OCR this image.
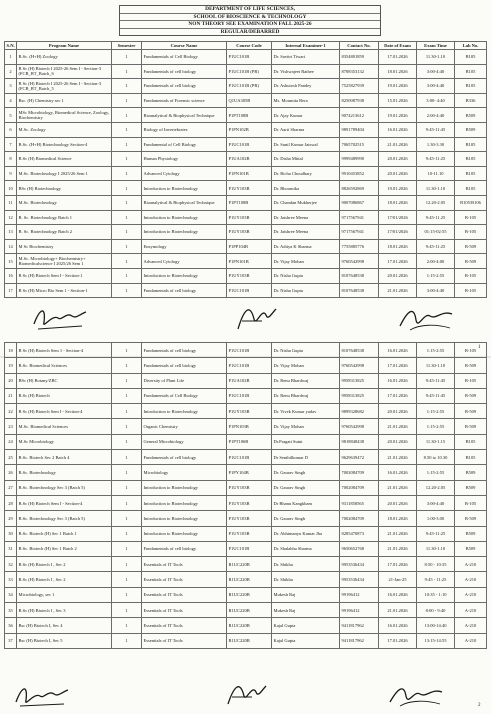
DEPARTMENT OF LIFE SCIENCES,
SCHOOL OF BIOSCIENCE & TECHNOLOGY
NON THEORY SEE EXAMINATION FALL 2025-26
REGULAR/DEBARRED
S.N.	Program Name	Semester	Course Name	Course Code	Internal Examiner-1	Contact No.	Date of Exam	Exam Time	Lab No.
1	B.Sc. (H+H) Zoology	1	Fundamentals of Cell Biology	P1UC101B	Dr. Savitri Tiwari	8354801859	17.01.2026	11.30-1.10	B105
2	B Sc (H) Biotech I 2025-26 Sem I - Section-3 (FCB_BT_Batch_6	1	Fundamentals of cell biology	P1UC101B (PR)	Dr. Vishwajeet Rathee	8708353132	18.01.2026	3:00-4:40	B105
3	B Sc (H) Biotech I 2025-26 Sem I - Section-3 (FCB_BT_Batch_5	1	Fundamentals of cell biology	P1UC101B (PR)	Dr. Ashutosh Pandey	7525827939	19.01.2026	3:00-4:40	B105
4	Bsc. (H) Chemistry sec 1	1	Fundamentals of Forensic science	Q1UA305B	Ms. Moumita Bera	8250087938	15.01.2026	3:00- 4:40	B336
5	MSc Microbiology, Biomedical Science, Zoology, Biochemistry	1	Bioanalytical & Biophysical Technique	P1PT108B	Dr. Ajay Kumar	9074213612	19.01.2026	2:00-4:40	B509
6	M.Sc. Zoology	1	Biology of Invertebrates	P1PN102B	Dr. Aarti Sharma	9891789404	16.01.2026	9:45-11:45	B509
7	B.Sc. (H+H) Biotechnology Section-4	1	Fundamental of Cell Biology	P1UC101B	Dr. Sunil Kumar Jaiswal	7065702515	21.01.2026	1.30-3.30	B105
8	B.Sc (H) Biomedical Science	1	Human Physiology	P1UA102B	Dr. Disha Mittal	9999489990	20.01.2026	9:45-11:25	B105
9	M.Sc. Biotechnology I 2025/26 Sem 1	1	Advanced Cytology	P1PN101B	Dr. Richa Choudhary	9910453852	20.01.2026	10-11.10	B105
10	BSc (H) Biotechnology	1	Introduction to Biotechnology	P1UY103B	Dr. Bhoomika	8826592869	19.01.2026	11.30-1.10	B105
11	M.Sc. Biotechnology	1	Bioanalytical & Biophysical Technique	P1PT108B	Dr. Chandan Mukherjee	9007086867	18.01.2026	12.20-2.05	B105/B106
12	B. Sc. Biotechnology Batch 1	1	Introduction to Biotechnology	P1UY103B	Dr. Jaishree Meena	9717567941	17/01/2026	9:45-11.25	B-105
13	B. Sc. Biotechnology Batch 2	1	Introduction to Biotechnology	P1UY103B	Dr. Jaishree Meena	9717567941	17/01/2026	01:15-02:55	B-105
14	M Sc Biochemistry	1	Enzymology	P1PP104B	Dr. Aditya K Sharma	7755885776	18.01.2026	9:45-11:25	B-509
15	M.Sc. Microbiology+ Biochemistry+ Biomedicalscience I 2025/26 Sem 1	1	Advanced Cytology	P1PN101B	Dr. Vijay Mohan	9760542998	17.01.2026	2:00-4:00	B-509
16	B Sc (H) Biotech Sem I - Section-1	1	Introduction to Biotechnology	P1UY103B	Dr. Nisha Gupta	8107648538	20.01.2026	1:15-2:55	B-105
17	B Sc (H) Micro Bio Sem 1 - Section-1	1	Fundamentals of cell biology	P1UC101B	Dr. Nisha Gupta	8107648538	21.01.2026	3:00-4:40	B-105
1
18	B Sc (H) Biotech Sem 1 - Section-4	1	Fundamentals of cell biology	P1UC101B	Dr. Nisha Gupta	8107648538	16.01.2026	1:15-2:55	B-105
19	B.Sc. Biomedical Sciences	1	Fundamentals of cell biology	P1UC101B	Dr. Vijay Mohan	9760542998	17.01.2026	11.30-1.10	B-509
20	BSc (H) Botany/ZBC	1	Diversity of Plant Life	P1UA102B	Dr. Renu Bhardwaj	9958313825	16.01.2026	9:45-11:45	B-105
21	B.Sc (H) Biotech	1	Fundamentals of Cell Biology	P1UC101B	Dr. Renu Bhardwaj	9958313825	17.01.2026	9:45-11:45	B-509
22	B Sc (H) Biotech Sem I - Section-4	1	Introduction to Biotechnology	P1UY103B	Dr. Vivek Kumar yadav	9899328682	20.01.2026	1:15-2:55	B-509
23	M.Sc. Biomedical Sciences	1	Organic Chemistry	P1PN103B	Dr. Vijay Mohan	9760542998	21.01.2026	1:15-2:55	B-509
24	M.Sc Microbiology	1	General Microbiology	P1PT106B	Dr.Pragati Suini	9818848438	20.01.2026	11.30-1.15	B105
25	B.Sc. Biotech Sec 2 Batch 4	1	Fundamentals of cell biology	P1UC101B	Dr Senthilkumar D	9629639472	21.01.2026	8.50 to 10.30	B105
26	B.Sc. Biotechnology	1	Microbiology	P1PY104B	Dr. Gaurav Singh	7002084709	16.01.2026	1:15-2:55	B509
27	B.Sc. Biotechnology Sec 3 (Batch 5)	1	Introduction to Biotechnology	P1UY103B	Dr. Gaurav Singh	7002084709	21.01.2026	12.20-2.05	B509
28	B.Sc (H) Biotech Sem I - Section-4	1	Introduction to Biotechnology	P1UY103B	Dr Bhanu Kangkham	9311858565	20.01.2026	3:00-4:40	B-105
29	B.Sc. Biotechnology Sec 3 (Batch 5)	1	Introduction to Biotechnology	P1UY103B	Dr. Gaurav Singh	7002084709	18.01.2026	1:00-3.00	B-509
30	B.Sc. Biotech (H) Sec 1 Batch 1	1	Introduction to Biotechnology	P1UY103B	Dr. Abhimanyu Kumar Jha	8285470873	21.01.2026	9:45-11:25	B509
31	B.Sc. Biotech (H) Sec 1 Batch 2	1	Fundamentals of cell biology	P1UC101B	Dr. Shalabha Sharma	9650652768	21.01.2026	11.30-1.10	B509
32	B.Sc (H) Biotech I , Sec 2	1	Essentials of IT Tools	R1UC220B	Dr. Shikha	9953536434	17.01.2026	8:50 - 10:35	A-210
33	B.Sc (H) Biotech I , Sec 2	1	Essentials of IT Tools	R1UC220B	Dr. Shikha	9953536434	21-Jan-25	9:45 - 11:25	A-210
34	Microbiology, sec 1	1	Essentials of IT Tools	R1UC220B	Mukesh Raj	99196412	16.01.2026	10:35 - 1:10	A-210
35	B.Sc (H) Biotech I , Sec 3	1	Essentials of IT Tools	R1UC220B	Mukesh Raj	99196412	21.01.2026	8:00 - 9:40	A-210
36	Bsc (H) Biotech I, Sec 4	1	Essentials of IT Tools	R1UC220B	Kajal Gupta	9411817962	16.01.2026	13:00-14:40	A-210
37	Bsc (H) Biotech I, Sec 5	1	Essentials of IT Tools	R1UC220B	Kajal Gupta	9411817962	17.01.2026	13:15-14:55	A-210
2
